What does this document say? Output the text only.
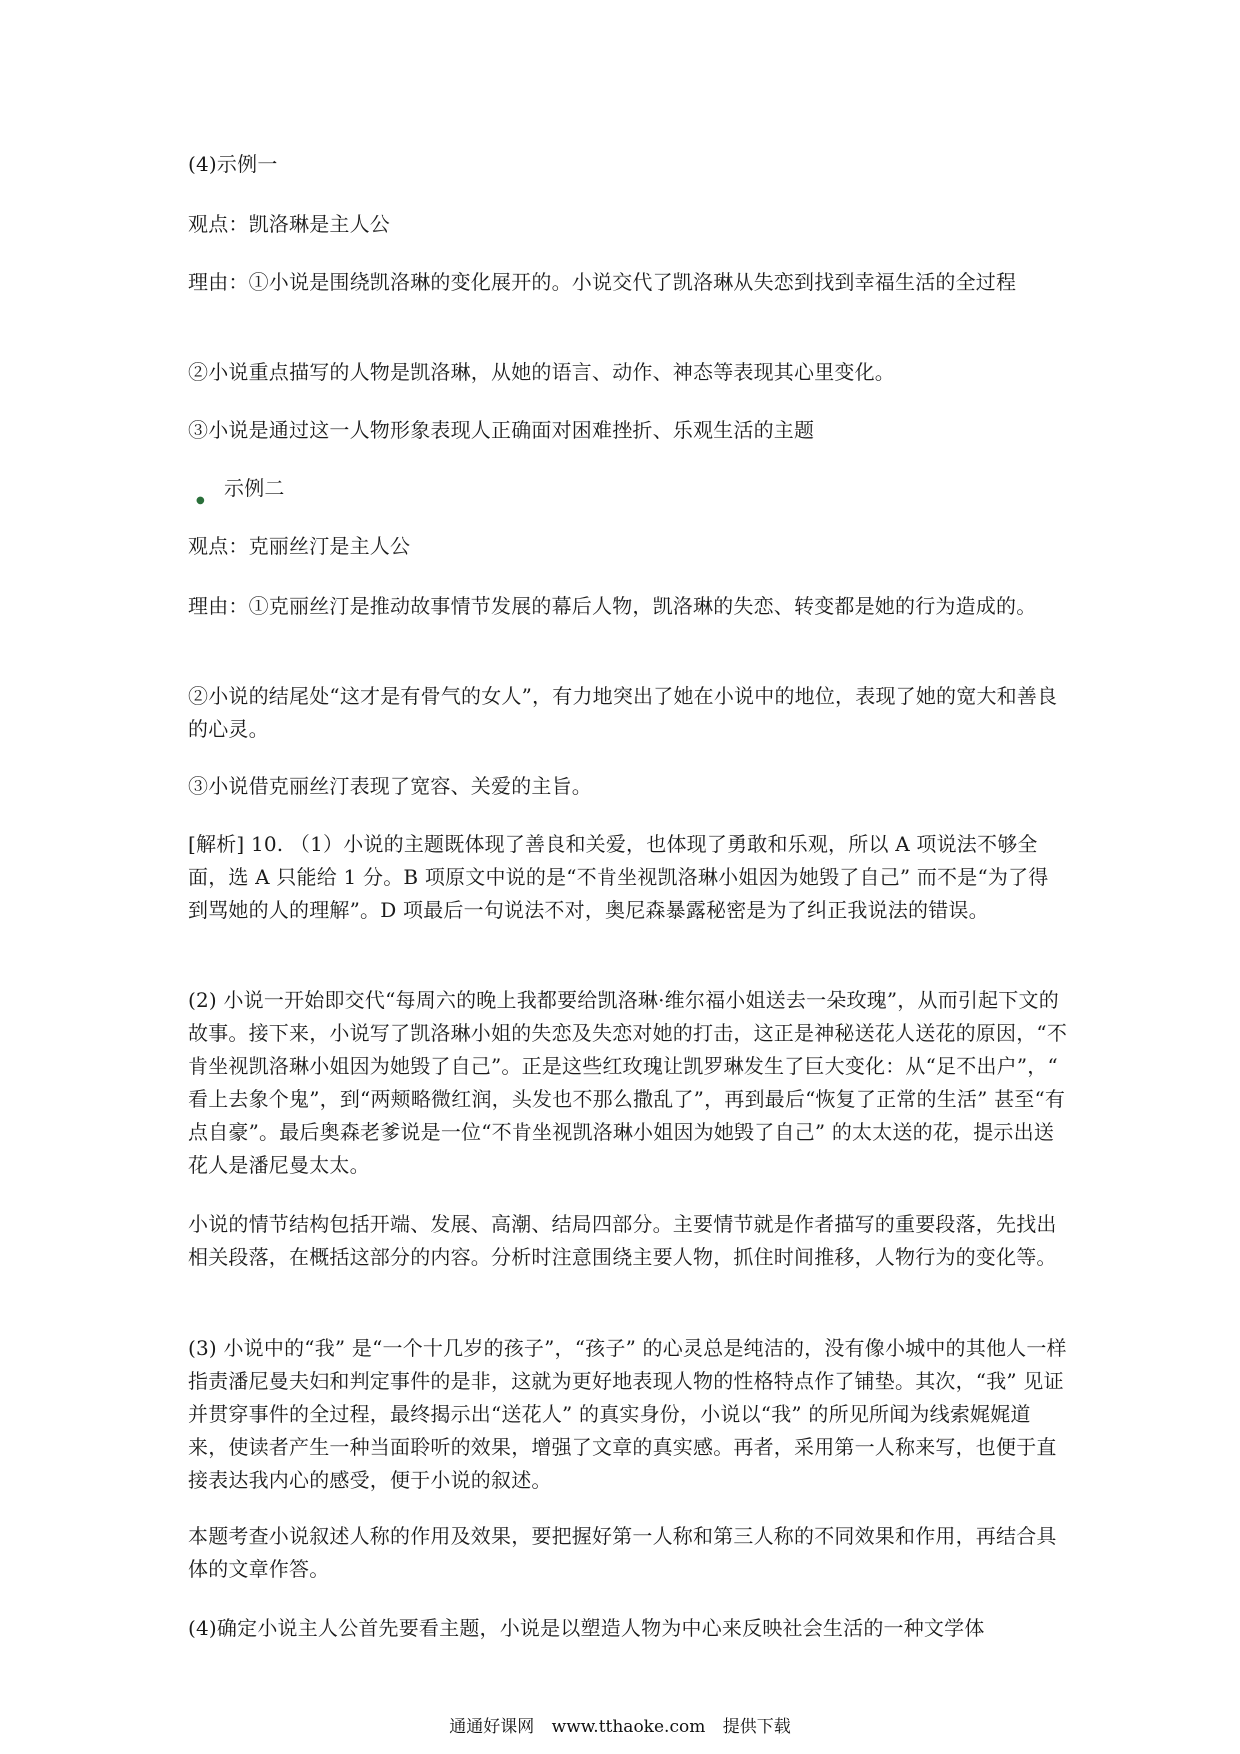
(4)示例一

观点：凯洛琳是主人公

理由：①小说是围绕凯洛琳的变化展开的。小说交代了凯洛琳从失恋到找到幸福生活的全过程

②小说重点描写的人物是凯洛琳，从她的语言、动作、神态等表现其心里变化。

③小说是通过这一人物形象表现人正确面对困难挫折、乐观生活的主题

●
示例二

观点：克丽丝汀是主人公

理由：①克丽丝汀是推动故事情节发展的幕后人物，凯洛琳的失恋、转变都是她的行为造成的。

②小说的结尾处“这才是有骨气的女人”，有力地突出了她在小说中的地位，表现了她的宽大和善良的心灵。

③小说借克丽丝汀表现了宽容、关爱的主旨。

[解析] 10. （1）小说的主题既体现了善良和关爱，也体现了勇敢和乐观，所以 A 项说法不够全面，选 A 只能给 1 分。B 项原文中说的是“不肯坐视凯洛琳小姐因为她毁了自己” 而不是“为了得到骂她的人的理解”。D 项最后一句说法不对，奥尼森暴露秘密是为了纠正我说法的错误。

(2) 小说一开始即交代“每周六的晚上我都要给凯洛琳·维尔福小姐送去一朵玫瑰”，从而引起下文的故事。接下来，小说写了凯洛琳小姐的失恋及失恋对她的打击，这正是神秘送花人送花的原因，“不肯坐视凯洛琳小姐因为她毁了自己”。正是这些红玫瑰让凯罗琳发生了巨大变化：从“足不出户”，“ 看上去象个鬼”，到“两颊略微红润，头发也不那么撒乱了”，再到最后“恢复了正常的生活” 甚至“有点自豪”。最后奥森老爹说是一位“不肯坐视凯洛琳小姐因为她毁了自己” 的太太送的花，提示出送花人是潘尼曼太太。

小说的情节结构包括开端、发展、高潮、结局四部分。主要情节就是作者描写的重要段落，先找出相关段落，在概括这部分的内容。分析时注意围绕主要人物，抓住时间推移，人物行为的变化等。

(3) 小说中的“我” 是“一个十几岁的孩子”，“孩子” 的心灵总是纯洁的，没有像小城中的其他人一样指责潘尼曼夫妇和判定事件的是非，这就为更好地表现人物的性格特点作了铺垫。其次，“我” 见证并贯穿事件的全过程，最终揭示出“送花人” 的真实身份，小说以“我” 的所见所闻为线索娓娓道来，使读者产生一种当面聆听的效果，增强了文章的真实感。再者，采用第一人称来写，也便于直接表达我内心的感受，便于小说的叙述。

本题考查小说叙述人称的作用及效果，要把握好第一人称和第三人称的不同效果和作用，再结合具体的文章作答。

(4)确定小说主人公首先要看主题，小说是以塑造人物为中心来反映社会生活的一种文学体

通通好课网 www.tthaoke.com 提供下载
